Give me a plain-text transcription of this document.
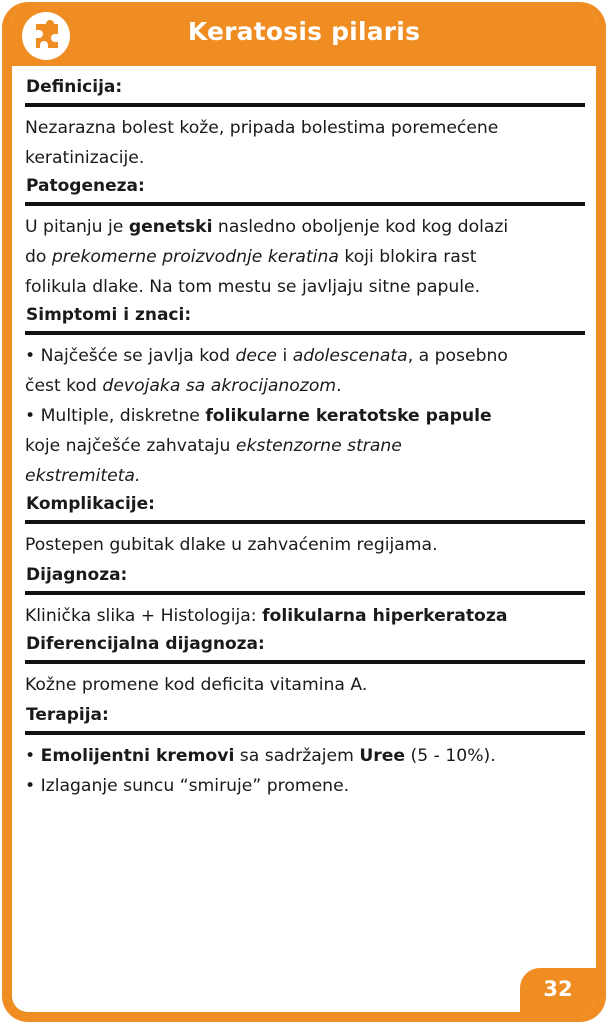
Keratosis pilaris
Definicija:
Nezarazna bolest kože, pripada bolestima poremećene
keratinizacije.
Patogeneza:
U pitanju je genetski nasledno oboljenje kod kog dolazi
do prekomerne proizvodnje keratina koji blokira rast
folikula dlake. Na tom mestu se javljaju sitne papule.
Simptomi i znaci:
• Najčešće se javlja kod dece i adolescenata, a posebno
čest kod devojaka sa akrocijanozom.
• Multiple, diskretne folikularne keratotske papule
koje najčešće zahvataju ekstenzorne strane
ekstremiteta.
Komplikacije:
Postepen gubitak dlake u zahvaćenim regijama.
Dijagnoza:
Klinička slika + Histologija: folikularna hiperkeratoza
Diferencijalna dijagnoza:
Kožne promene kod deficita vitamina A.
Terapija:
• Emolijentni kremovi sa sadržajem Uree (5 - 10%).
• Izlaganje suncu “smiruje” promene.
32
